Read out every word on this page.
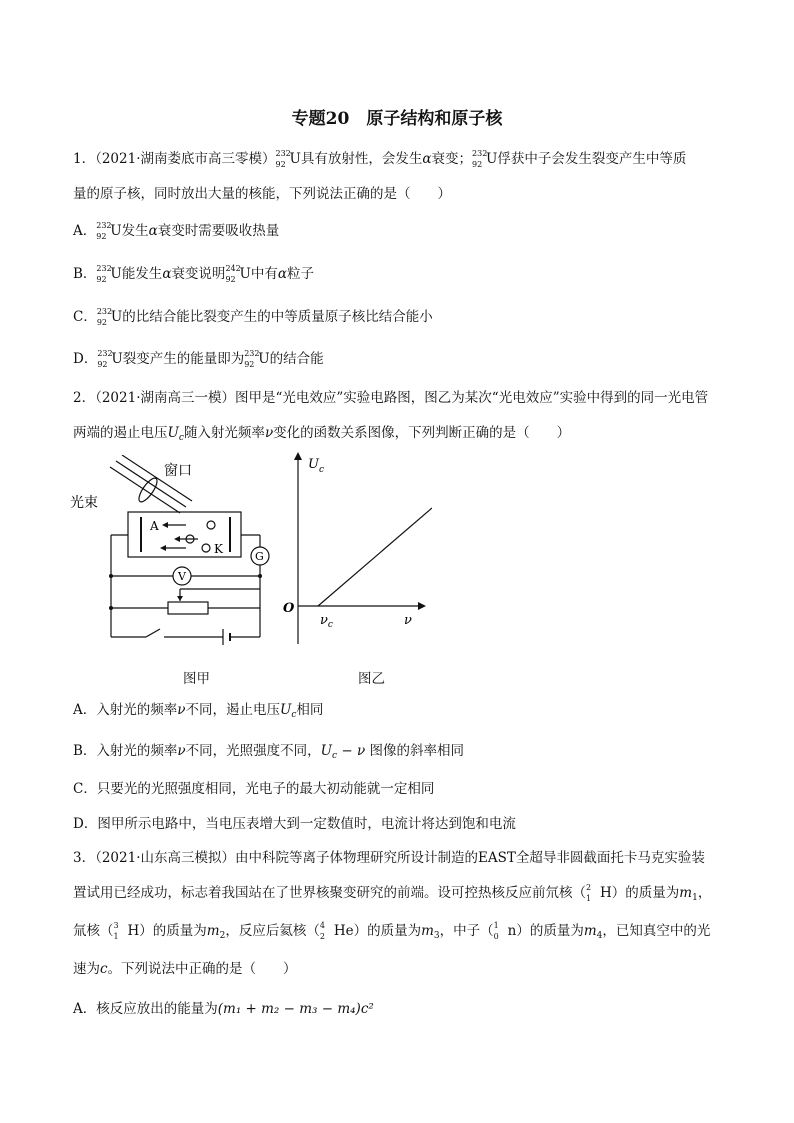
专题20　原子结构和原子核
1．（2021·湖南娄底市高三零模） 232
92 U具有放射性，会发生α衰变； 232
92 U俘获中子会发生裂变产生中等质
量的原子核，同时放出大量的核能，下列说法正确的是（　　）
A． 232
92 U发生α衰变时需要吸收热量
B． 232
92 U能发生α衰变说明 242
92 U中有α粒子
C． 232
92 U的比结合能比裂变产生的中等质量原子核比结合能小
D． 232
92 U裂变产生的能量即为 232
92 U的结合能
2．（2021·湖南高三一模）图甲是“光电效应”实验电路图，图乙为某次“光电效应”实验中得到的同一光电管
两端的遏止电压$U_c$随入射光频率ν变化的函数关系图像，下列判断正确的是（　　）
窗口
光束
A
K
G
V
$U_c$
O
$\nu_c$	ν
图甲	图乙
A．入射光的频率ν不同，遏止电压$U_c$相同
B．入射光的频率ν不同，光照强度不同，$U_c - \nu$ 图像的斜率相同
C．只要光的光照强度相同，光电子的最大初动能就一定相同
D．图甲所示电路中，当电压表增大到一定数值时，电流计将达到饱和电流
3．（2021·山东高三模拟）由中科院等离子体物理研究所设计制造的EAST全超导非圆截面托卡马克实验装
置试用已经成功，标志着我国站在了世界核聚变研究的前端。设可控热核反应前氘核（ 2
1 H）的质量为$m_1$，
氚核（ 3
1 H）的质量为$m_2$，反应后氦核（ 4
2 He）的质量为$m_3$，中子（ 1
0 n）的质量为$m_4$，已知真空中的光
速为c。下列说法中正确的是（　　）
A．核反应放出的能量为(m₁ + m₂ − m₃ − m₄)c²
